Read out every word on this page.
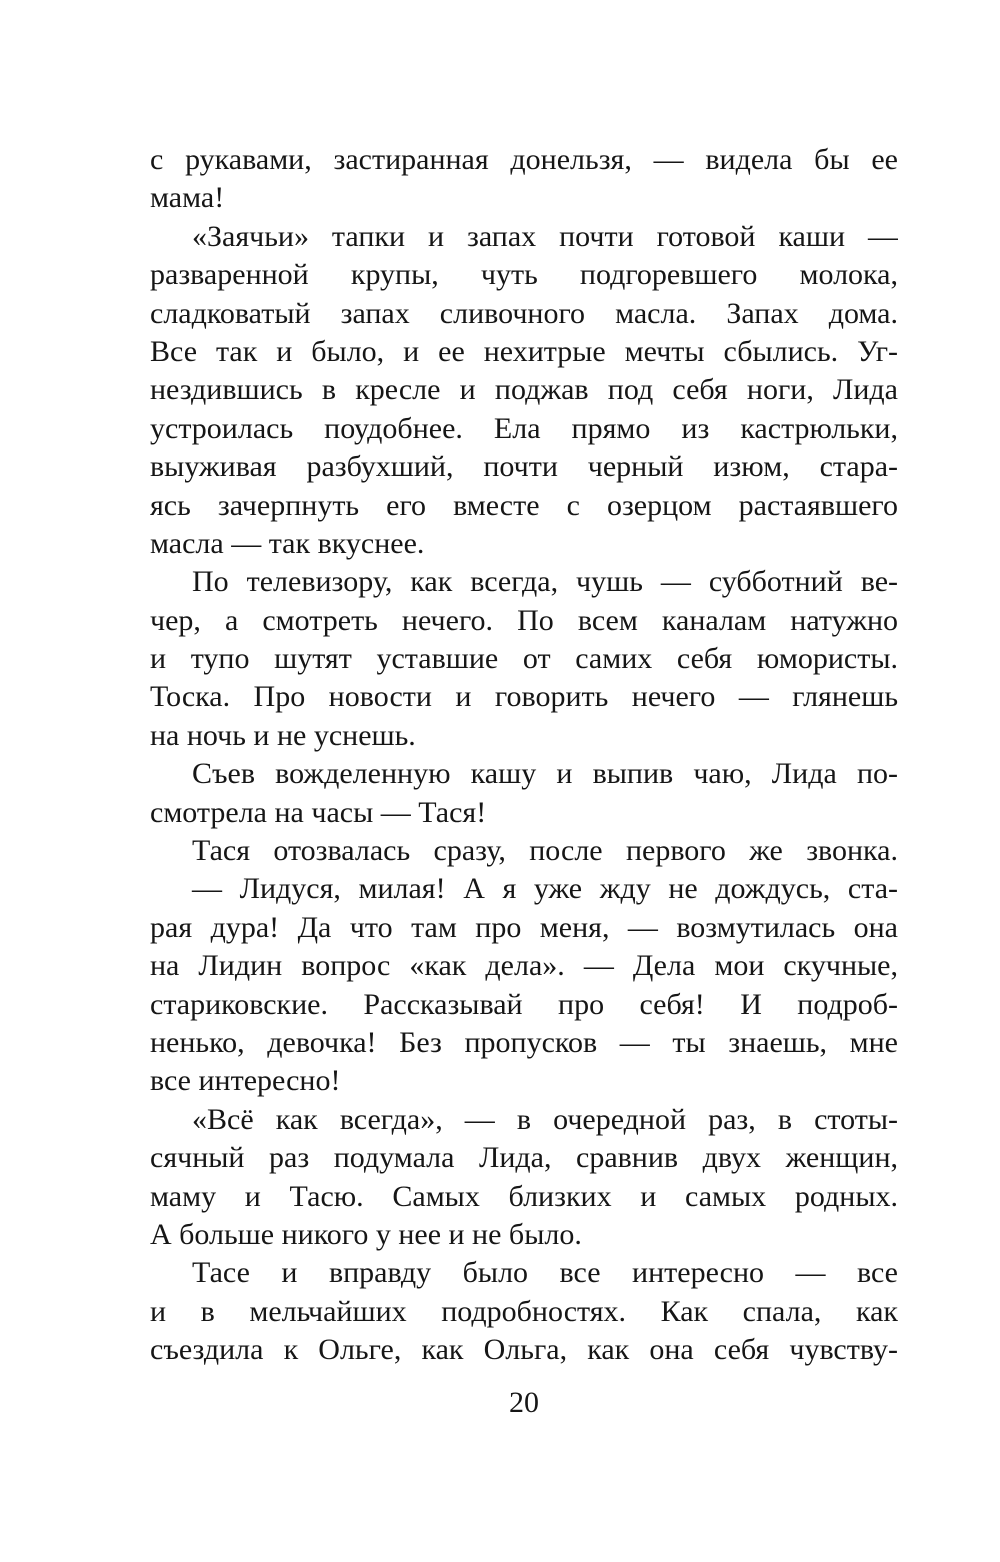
с рукавами, застиранная донельзя, — видела бы ее
мама!
«Заячьи» тапки и запах почти готовой каши —
разваренной крупы, чуть подгоревшего молока,
сладковатый запах сливочного масла. Запах дома.
Все так и было, и ее нехитрые мечты сбылись. Уг-
нездившись в кресле и поджав под себя ноги, Лида
устроилась поудобнее. Ела прямо из кастрюльки,
выуживая разбухший, почти черный изюм, стара-
ясь зачерпнуть его вместе с озерцом растаявшего
масла — так вкуснее.
По телевизору, как всегда, чушь — субботний ве-
чер, а смотреть нечего. По всем каналам натужно
и тупо шутят уставшие от самих себя юмористы.
Тоска. Про новости и говорить нечего — глянешь
на ночь и не уснешь.
Съев вожделенную кашу и выпив чаю, Лида по-
смотрела на часы — Тася!
Тася отозвалась сразу, после первого же звонка.
— Лидуся, милая! А я уже жду не дождусь, ста-
рая дура! Да что там про меня, — возмутилась она
на Лидин вопрос «как дела». — Дела мои скучные,
стариковские. Рассказывай про себя! И подроб-
ненько, девочка! Без пропусков — ты знаешь, мне
все интересно!
«Всё как всегда», — в очередной раз, в стоты-
сячный раз подумала Лида, сравнив двух женщин,
маму и Тасю. Самых близких и самых родных.
А больше никого у нее и не было.
Тасе и вправду было все интересно — все
и в мельчайших подробностях. Как спала, как
съездила к Ольге, как Ольга, как она себя чувству-
20
